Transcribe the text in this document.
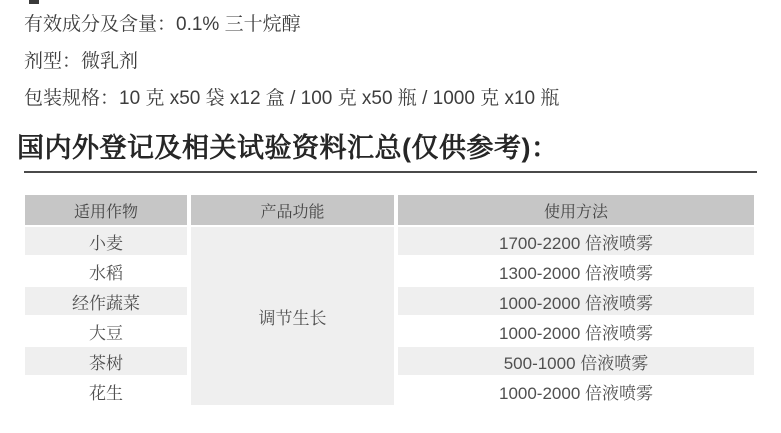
有效成分及含量：0.1% 三十烷醇
剂型：微乳剂
包装规格：10 克 x50 袋 x12 盒 / 100 克 x50 瓶 / 1000 克 x10 瓶
国内外登记及相关试验资料汇总(仅供参考)：
适用作物	产品功能	使用方法
调节生长
小麦	1700-2200 倍液喷雾
水稻	1300-2000 倍液喷雾
经作蔬菜	1000-2000 倍液喷雾
大豆	1000-2000 倍液喷雾
茶树	500-1000 倍液喷雾
花生	1000-2000 倍液喷雾
